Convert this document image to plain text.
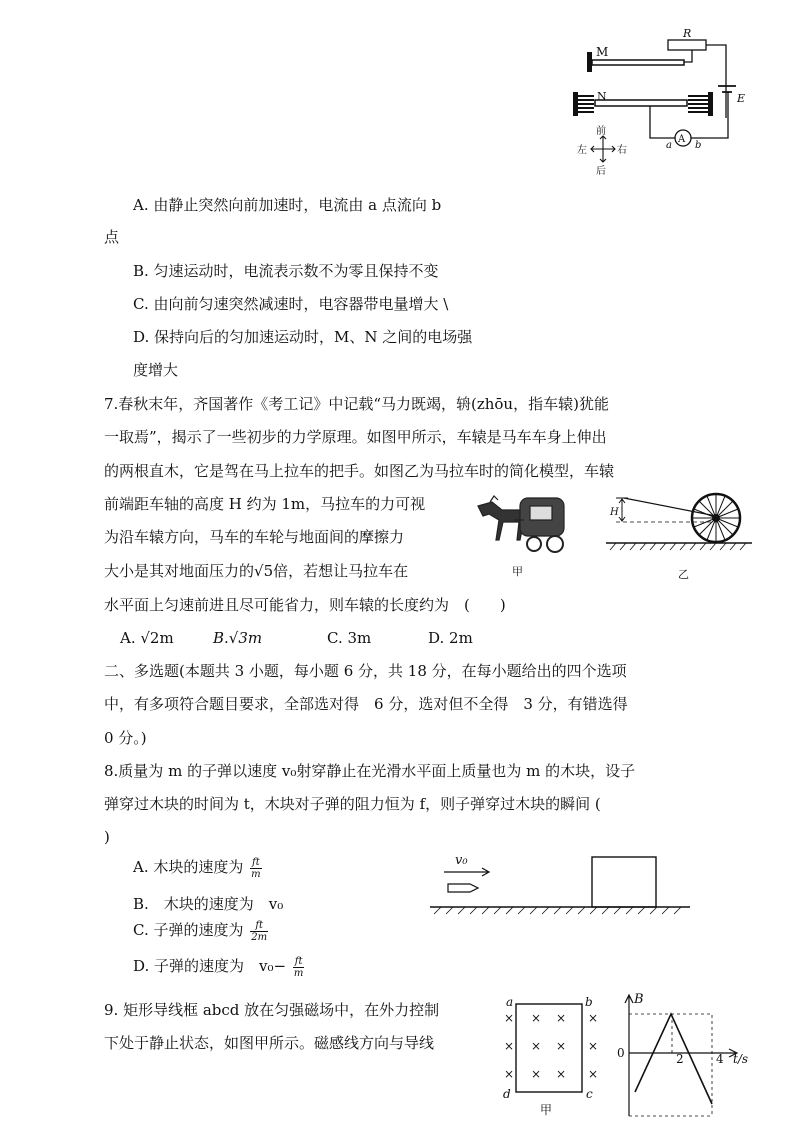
M
N
R
E
A
a b
前
后
左	右
A. 由静止突然向前加速时，电流由 a 点流向 b
点
B. 匀速运动时，电流表示数不为零且保持不变
C. 由向前匀速突然减速时，电容器带电量增大 \
D. 保持向后的匀加速运动时，M、N 之间的电场强
度增大
7.春秋末年，齐国著作《考工记》中记载“马力既竭，辀(zhōu，指车辕)犹能
一取焉”，揭示了一些初步的力学原理。如图甲所示，车辕是马车车身上伸出
的两根直木，它是驾在马上拉车的把手。如图乙为马拉车时的简化模型，车辕
前端距车轴的高度 H 约为 1m，马拉车的力可视
为沿车辕方向，马车的车轮与地面间的摩擦力
大小是其对地面压力的√5倍，若想让马拉车在
水平面上匀速前进且尽可能省力，则车辕的长度约为　(　　)
A. √2m	B.√3m	C. 3m	D. 2m
甲
H
乙
二、多选题(本题共 3 小题，每小题 6 分，共 18 分，在每小题给出的四个选项
中，有多项符合题目要求，全部选对得　6 分，选对但不全得　3 分，有错选得
0 分。)
8.质量为 m 的子弹以速度 v₀射穿静止在光滑水平面上质量也为 m 的木块，设子
弹穿过木块的时间为 t，木块对子弹的阻力恒为 f，则子弹穿过木块的瞬间 (
)
A. 木块的速度为 $\frac{ft}{m}$
B.　木块的速度为　v₀
C. 子弹的速度为 $\frac{ft}{2m}$
D. 子弹的速度为　$v_0- \frac{ft}{m}$
v₀
9. 矩形导线框 abcd 放在匀强磁场中，在外力控制
下处于静止状态，如图甲所示。磁感线方向与导线
a	b
d	c
×
×
×
×
×
×
×
×
×
×
×
×
甲
B
0	2	4 t/s
